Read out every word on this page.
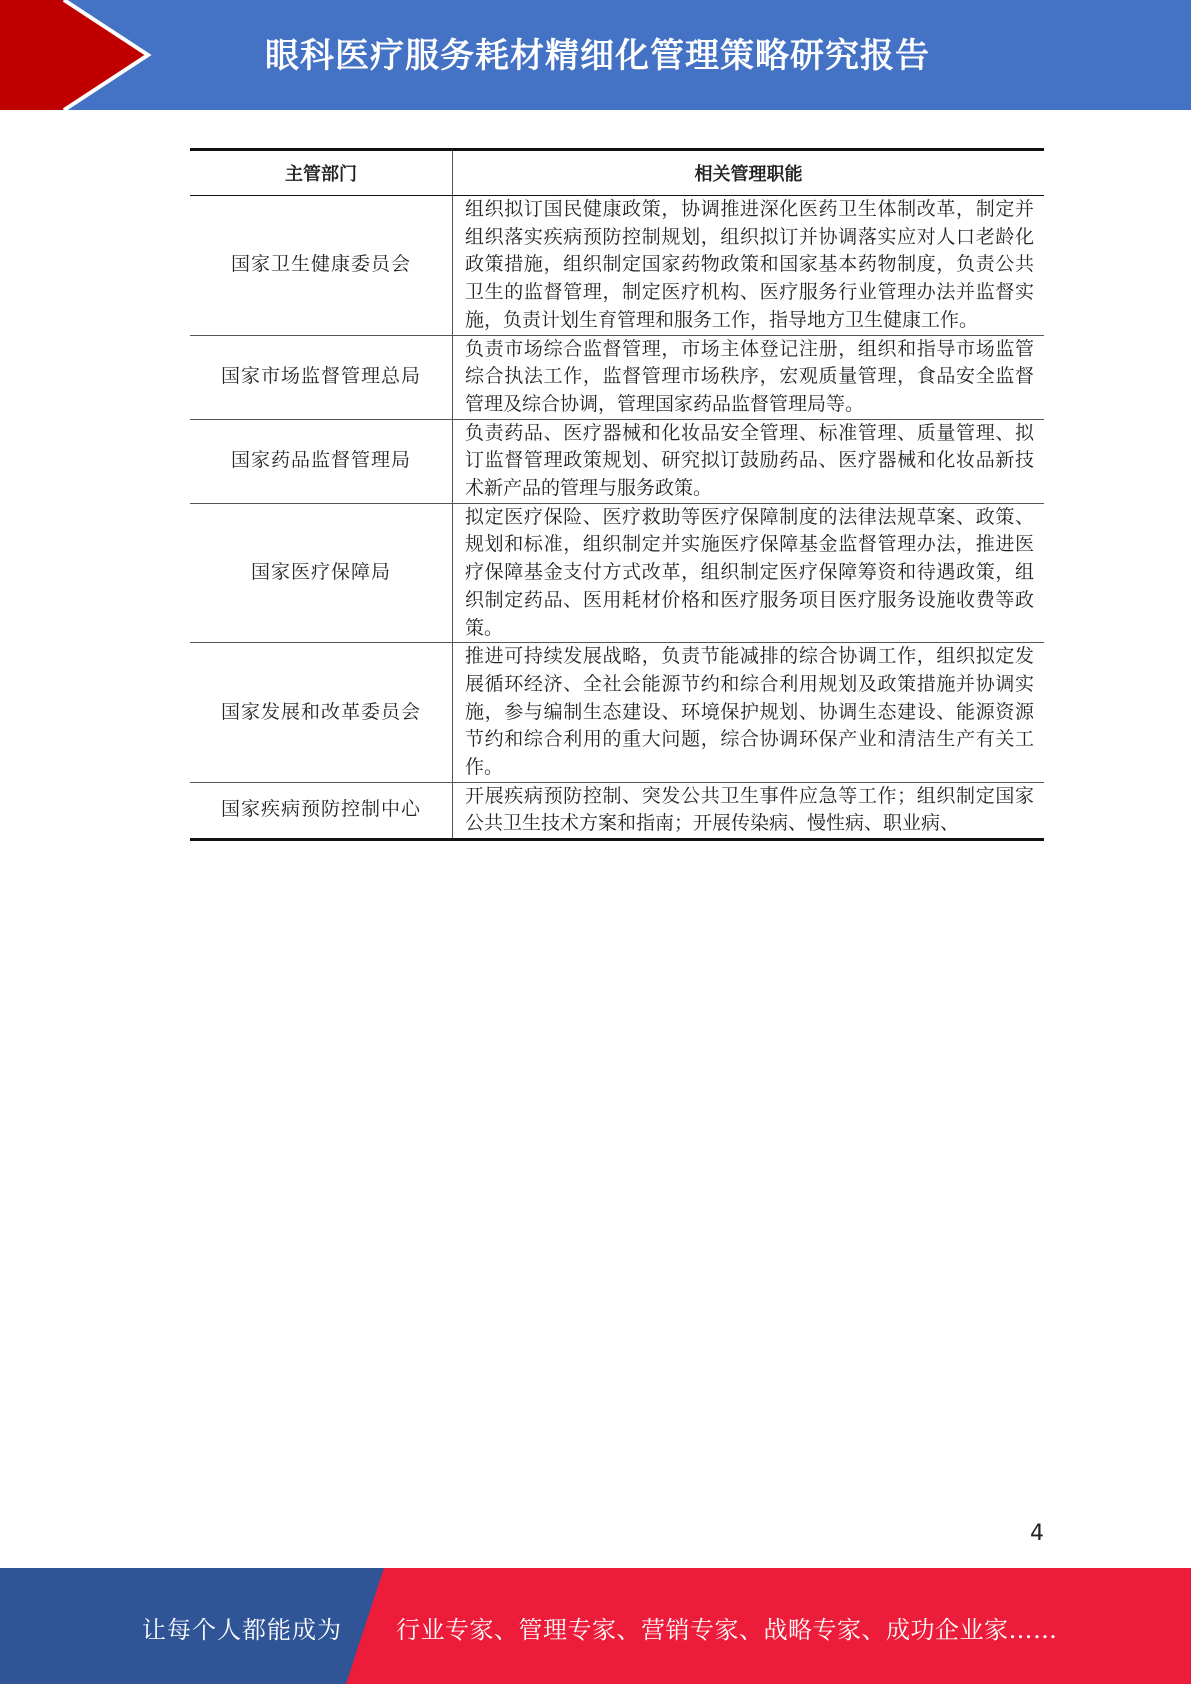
眼科医疗服务耗材精细化管理策略研究报告
主管部门	相关管理职能
国家卫生健康委员会	组织拟订国民健康政策，协调推进深化医药卫生体制改革，制定并组织落实疾病预防控制规划，组织拟订并协调落实应对人口老龄化政策措施，组织制定国家药物政策和国家基本药物制度，负责公共卫生的监督管理，制定医疗机构、医疗服务行业管理办法并监督实施，负责计划生育管理和服务工作，指导地方卫生健康工作。
国家市场监督管理总局	负责市场综合监督管理，市场主体登记注册，组织和指导市场监管综合执法工作，监督管理市场秩序，宏观质量管理，食品安全监督管理及综合协调，管理国家药品监督管理局等。
国家药品监督管理局	负责药品、医疗器械和化妆品安全管理、标准管理、质量管理、拟订监督管理政策规划、研究拟订鼓励药品、医疗器械和化妆品新技术新产品的管理与服务政策。
国家医疗保障局	拟定医疗保险、医疗救助等医疗保障制度的法律法规草案、政策、规划和标准，组织制定并实施医疗保障基金监督管理办法，推进医疗保障基金支付方式改革，组织制定医疗保障筹资和待遇政策，组织制定药品、医用耗材价格和医疗服务项目医疗服务设施收费等政策。
国家发展和改革委员会	推进可持续发展战略，负责节能减排的综合协调工作，组织拟定发展循环经济、全社会能源节约和综合利用规划及政策措施并协调实施，参与编制生态建设、环境保护规划、协调生态建设、能源资源节约和综合利用的重大问题，综合协调环保产业和清洁生产有关工作。
国家疾病预防控制中心	开展疾病预防控制、突发公共卫生事件应急等工作；组织制定国家公共卫生技术方案和指南；开展传染病、慢性病、职业病、
4
让每个人都能成为 行业专家、管理专家、营销专家、战略专家、成功企业家……
